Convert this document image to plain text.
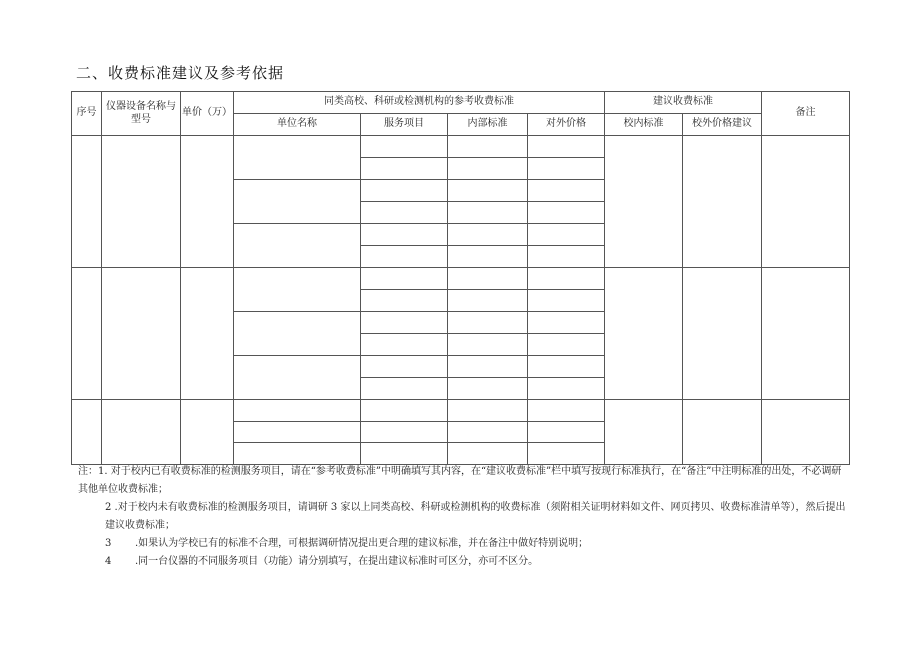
二、收费标准建议及参考依据
序号	仪器设备名称与型号	单价（万）	同类高校、科研或检测机构的参考收费标准				建议收费标准		备注
			单位名称	服务项目	内部标准	对外价格	校内标准	校外价格建议	

注：1. 对于校内已有收费标准的检测服务项目，请在“参考收费标准”中明确填写其内容，在“建议收费标准”栏中填写按现行标准执行，在“备注”中注明标准的出处，不必调研其他单位收费标准；

2 .对于校内未有收费标准的检测服务项目，请调研 3 家以上同类高校、科研或检测机构的收费标准（须附相关证明材料如文件、网页拷贝、收费标准清单等），然后提出建议收费标准；

3 .如果认为学校已有的标准不合理，可根据调研情况提出更合理的建议标准，并在备注中做好特别说明；

4 .同一台仪器的不同服务项目（功能）请分别填写，在提出建议标准时可区分，亦可不区分。
